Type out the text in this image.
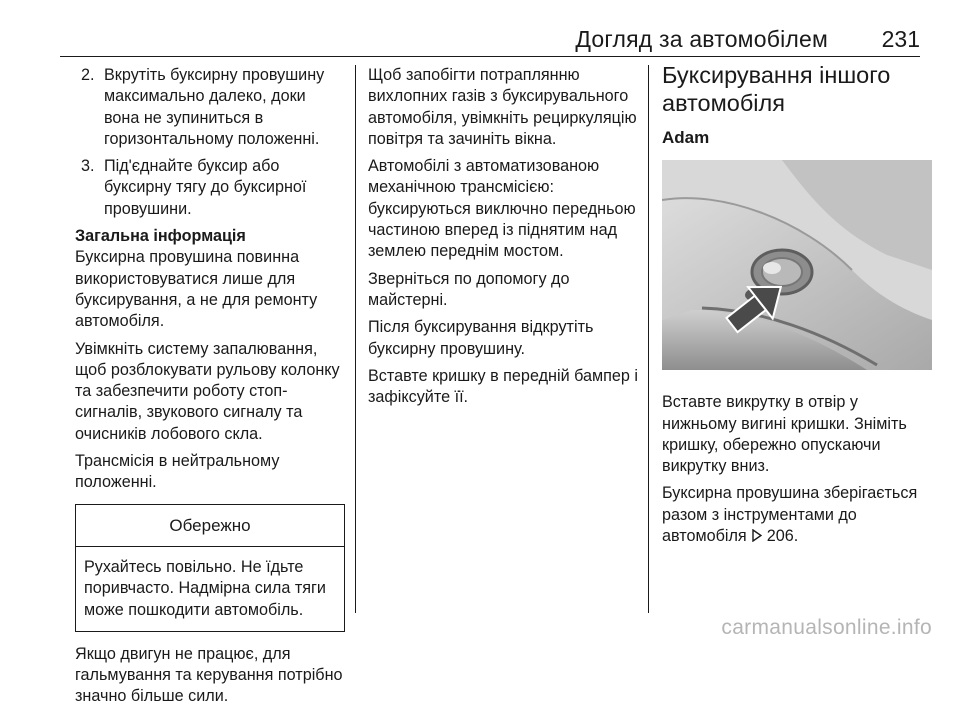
Догляд за автомобілем 231
2. Вкрутіть буксирну провушину максимально далеко, доки вона не зупиниться в горизонтальному положенні.
3. Під'єднайте буксир або буксирну тягу до буксирної провушини.

Загальна інформація

Буксирна провушина повинна використовуватися лише для буксирування, а не для ремонту автомобіля.

Увімкніть систему запалювання, щоб розблокувати рульову колонку та забезпечити роботу стоп-сигналів, звукового сигналу та очисників лобового скла.

Трансмісія в нейтральному положенні.

Обережно
Рухайтесь повільно. Не їдьте поривчасто. Надмірна сила тяги може пошкодити автомобіль.

Якщо двигун не працює, для гальмування та керування потрібно значно більше сили.

Щоб запобігти потраплянню вихлопних газів з буксирувального автомобіля, увімкніть рециркуляцію повітря та зачиніть вікна.

Автомобілі з автоматизованою механічною трансмісією: буксируються виключно передньою частиною вперед із піднятим над землею переднім мостом.

Зверніться по допомогу до майстерні.

Після буксирування відкрутіть буксирну провушину.

Вставте кришку в передній бампер і зафіксуйте її.

Буксирування іншого автомобіля
Adam

Вставте викрутку в отвір у нижньому вигині кришки. Зніміть кришку, обережно опускаючи викрутку вниз.

Буксирна провушина зберігається разом з інструментами до автомобіля 206.

carmanualsonline.info
